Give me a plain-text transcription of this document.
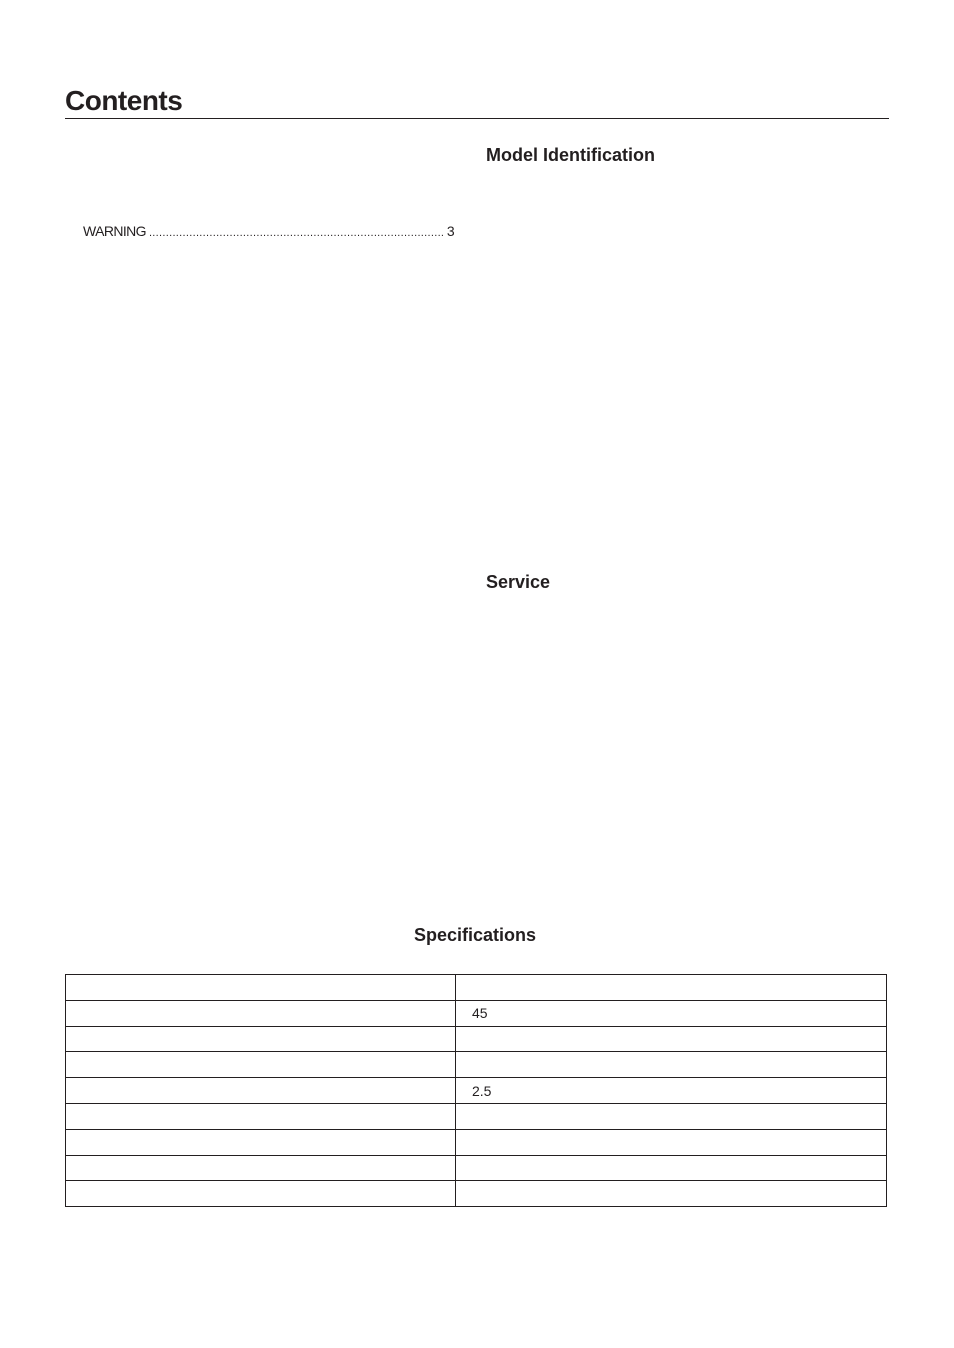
Contents
WARNING
.....	3
Model Identification
Service
Specifications

	45

	2.5
